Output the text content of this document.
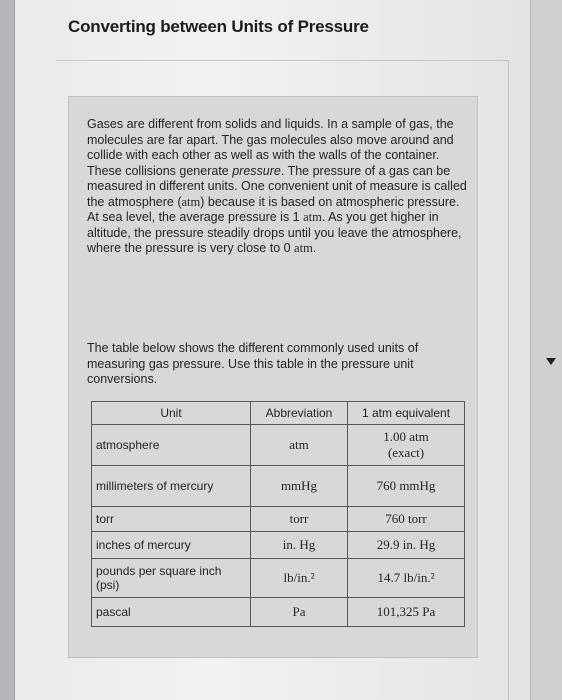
Converting between Units of Pressure

Gases are different from solids and liquids. In a sample of gas, the molecules are far apart. The gas molecules also move around and collide with each other as well as with the walls of the container. These collisions generate pressure. The pressure of a gas can be measured in different units. One convenient unit of measure is called the atmosphere (atm) because it is based on atmospheric pressure. At sea level, the average pressure is 1 atm. As you get higher in altitude, the pressure steadily drops until you leave the atmosphere, where the pressure is very close to 0 atm.

The table below shows the different commonly used units of measuring gas pressure. Use this table in the pressure unit conversions.

Unit	Abbreviation	1 atm equivalent
atmosphere	atm	1.00 atm
(exact)

millimeters of mercury	mmHg	760 mmHg
torr	torr	760 torr
inches of mercury	in. Hg	29.9 in. Hg
pounds per square inch (psi)	lb/in.²	14.7 lb/in.²
pascal	Pa	101,325 Pa
